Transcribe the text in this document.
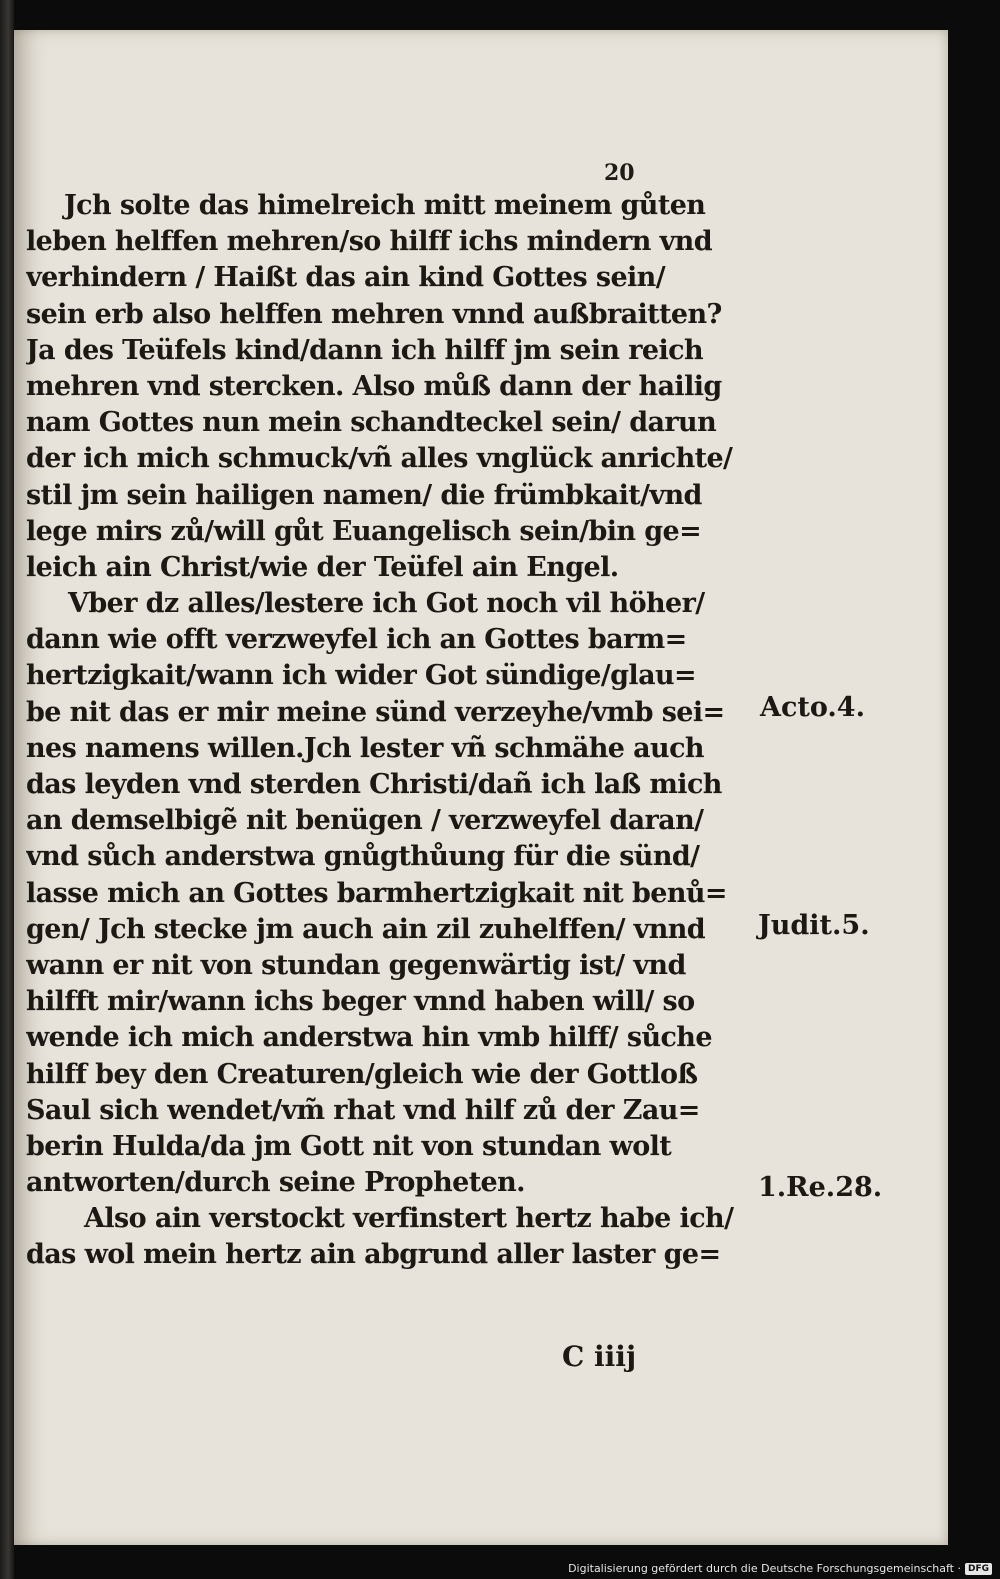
20
Jch solte das himelreich mitt meinem gůten
leben helffen mehren/so hilff ichs mindern vnd
verhindern / Haißt das ain kind Gottes sein/
sein erb also helffen mehren vnnd außbraitten?
Ja des Teüfels kind/dann ich hilff jm sein reich
mehren vnd stercken. Also můß dann der hailig
nam Gottes nun mein schandteckel sein/ darun
der ich mich schmuck/vñ alles vnglück anrichte/
stil jm sein hailigen namen/ die frümbkait/vnd
lege mirs zů/will gůt Euangelisch sein/bin ge=
leich ain Christ/wie der Teüfel ain Engel.
Vber dz alles/lestere ich Got noch vil höher/
dann wie offt verzweyfel ich an Gottes barm=
hertzigkait/wann ich wider Got sündige/glau=
be nit das er mir meine sünd verzeyhe/vmb sei=
nes namens willen.Jch lester vñ schmähe auch
das leyden vnd sterden Christi/dañ ich laß mich
an demselbigẽ nit benügen / verzweyfel daran/
vnd sůch anderstwa gnůgthůung für die sünd/
lasse mich an Gottes barmhertzigkait nit benů=
gen/ Jch stecke jm auch ain zil zuhelffen/ vnnd
wann er nit von stundan gegenwärtig ist/ vnd
hilfft mir/wann ichs beger vnnd haben will/ so
wende ich mich anderstwa hin vmb hilff/ sůche
hilff bey den Creaturen/gleich wie der Gottloß
Saul sich wendet/vm̃ rhat vnd hilf zů der Zau=
berin Hulda/da jm Gott nit von stundan wolt
antworten/durch seine Propheten.
Also ain verstockt verfinstert hertz habe ich/
das wol mein hertz ain abgrund aller laster ge=
Acto.4.
Judit.5.
1.Re.28.
C iiij
Digitalisierung gefördert durch die Deutsche Forschungsgemeinschaft · DFG
